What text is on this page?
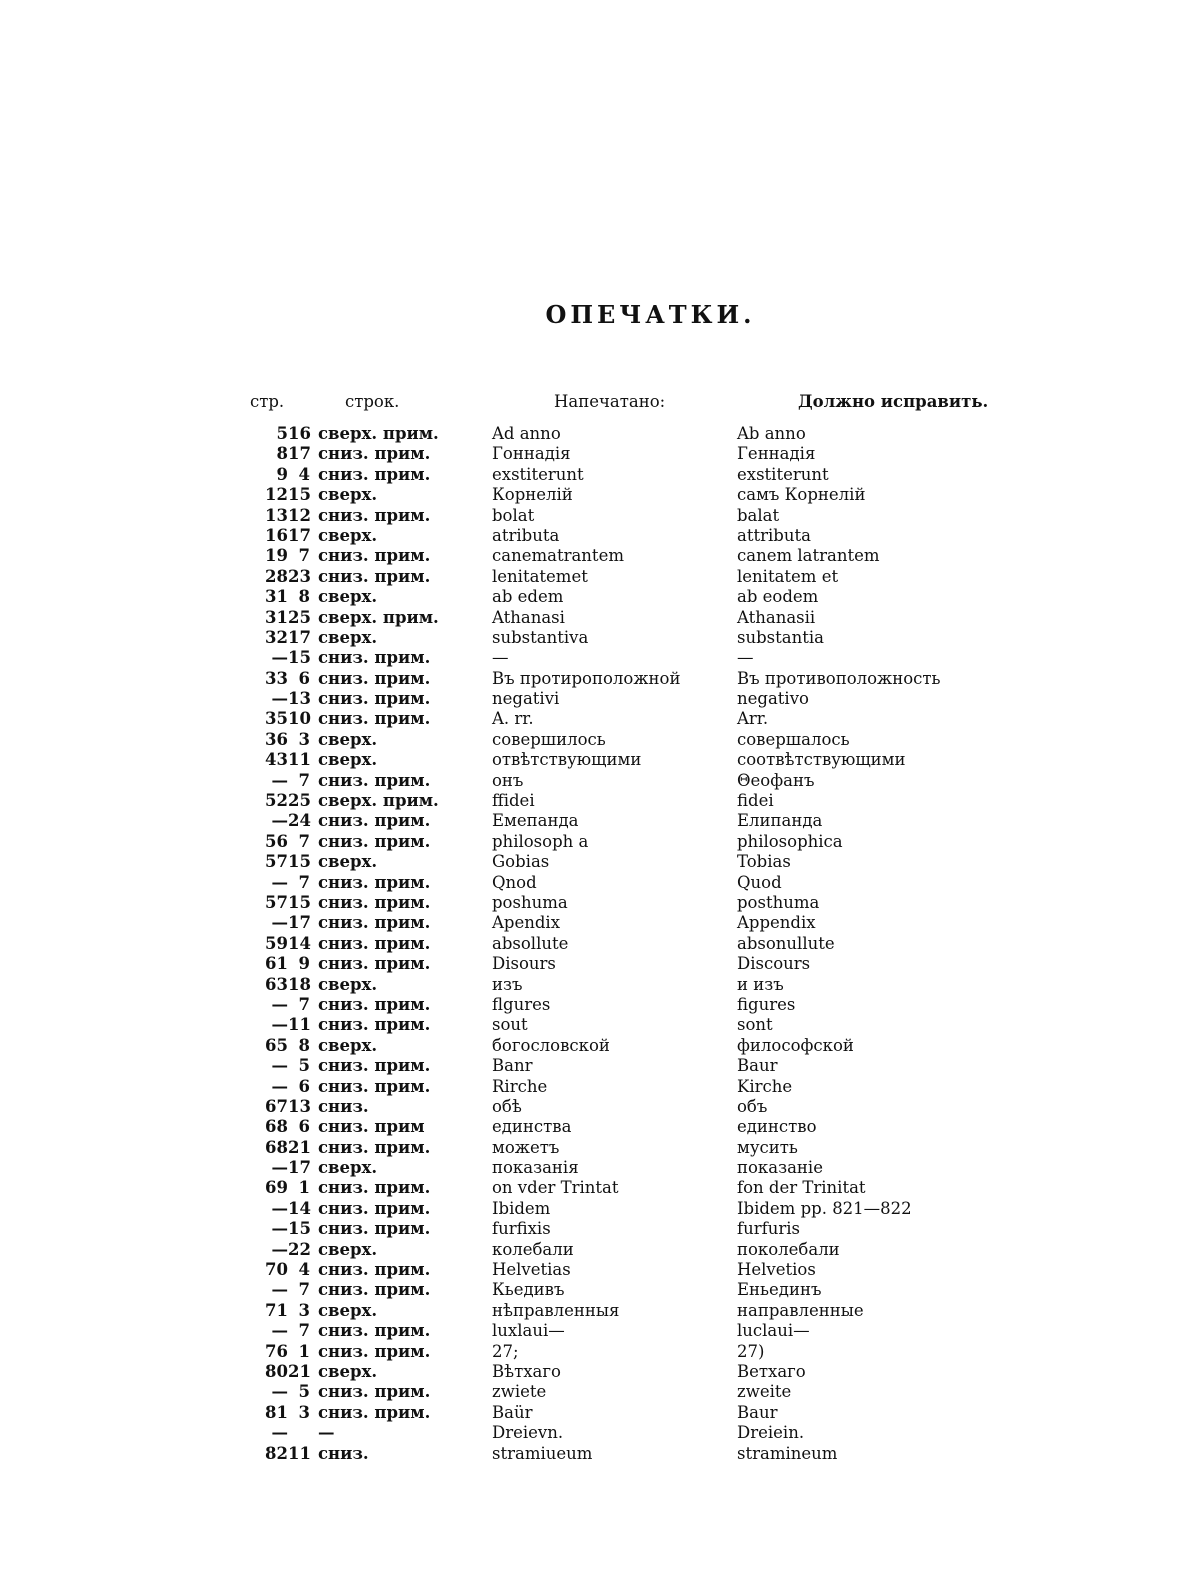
ОПЕЧАТКИ.
стр.	строк.	Напечатано:	Должно исправить.
5 16 сверх. прим.	Ad anno	Ab anno
8 17 сниз. прим.	Гоннадія	Геннадія
9 4 сниз. прим.	exstiterunt	exstiterunt
12 15 сверх.	Корнелій	самъ Корнелій
13 12 сниз. прим.	bolat	balat
16 17 сверх.	atributa	attributa
19 7 сниз. прим.	canematrantem	canem latrantem
28 23 сниз. прим.	lenitatemet	lenitatem et
31 8 сверх.	ab edem	ab eodem
31 25 сверх. прим.	Athanasi	Athanasii
32 17 сверх.	substantiva	substantia
— 15 сниз. прим.	—	—
33 6 сниз. прим.	Въ протироположной	Въ противоположность
— 13 сниз. прим.	negativi	negativo
35 10 сниз. прим.	A. rr.	Arr.
36 3 сверх.	совершилось	совершалось
43 11 сверх.	отвѣтствующими	соотвѣтствующими
— 7 сниз. прим.	онъ	Θеофанъ
52 25 сверх. прим.	ffidei	fidei
— 24 сниз. прим.	Емепанда	Елипанда
56 7 сниз. прим.	philosoph a	philosophica
57 15 сверх.	Gobias	Tobias
— 7 сниз. прим.	Qnod	Quod
57 15 сниз. прим.	poshuma	posthuma
— 17 сниз. прим.	Apendix	Appendix
59 14 сниз. прим.	absollute	absonullute
61 9 сниз. прим.	Disours	Discours
63 18 сверх.	изъ	и изъ
— 7 сниз. прим.	flgures	figures
— 11 сниз. прим.	sout	sont
65 8 сверх.	богословской	философской
— 5 сниз. прим.	Banr	Baur
— 6 сниз. прим.	Rirche	Kirche
67 13 сниз.	обѣ	объ
68 6 сниз. прим	единства	единство
68 21 сниз. прим.	можетъ	мусить
— 17 сверх.	показанія	показаніе
69 1 сниз. прим.	on vder Trintat	fon der Trinitat
— 14 сниз. прим.	Ibidem	Ibidem pp. 821—822
— 15 сниз. прим.	furfixis	furfuris
— 22 сверх.	колебали	поколебали
70 4 сниз. прим.	Helvetias	Helvetios
— 7 сниз. прим.	Кьедивъ	Еньединъ
71 3 сверх.	нѣправленныя	направленные
— 7 сниз. прим.	luxlaui—	luclaui—
76 1 сниз. прим.	27;	27)
80 21 сверх.	Вѣтхаго	Ветхаго
— 5 сниз. прим.	zwiete	zweite
81 3 сниз. прим.	Baür	Baur
— —	Dreievn.	Dreiein.
82 11 сниз.	stramiueum	stramineum
